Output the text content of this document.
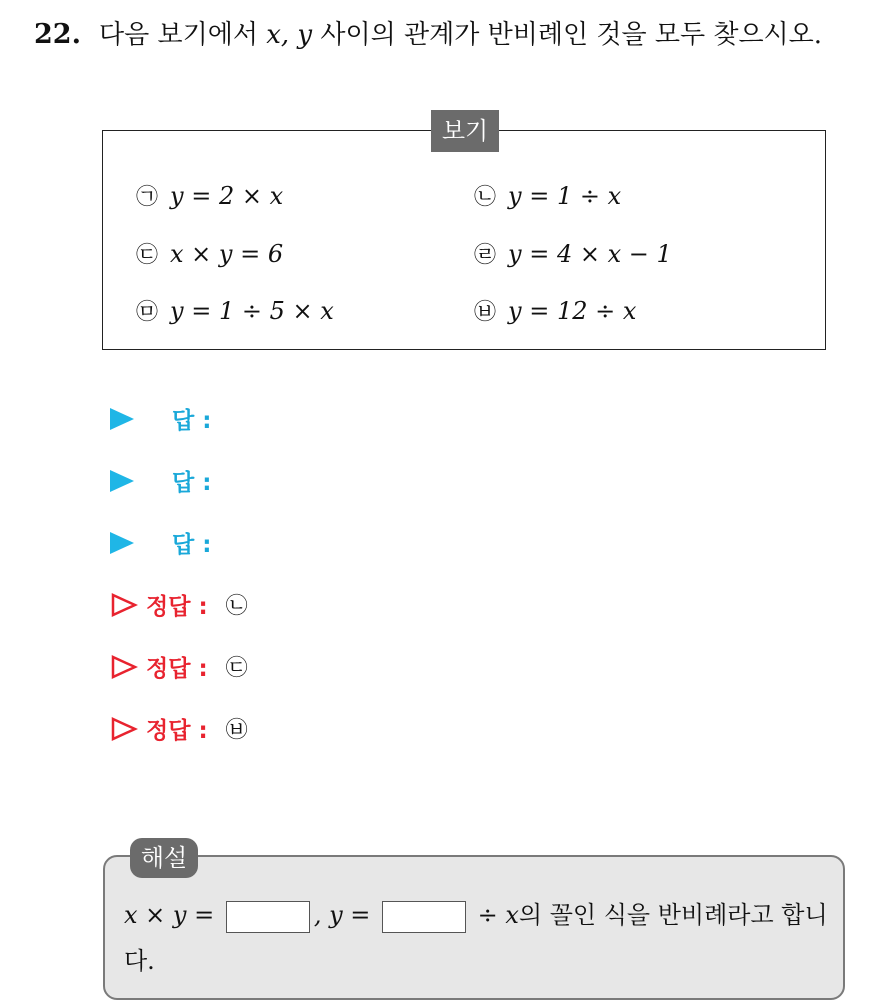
22. 다음 보기에서 x, y 사이의 관계가 반비례인 것을 모두 찾으시오.
보기
㉠ y = 2 × x	㉡ y = 1 ÷ x
㉢ x × y = 6	㉣ y = 4 × x − 1
㉤ y = 1 ÷ 5 × x	㉥ y = 12 ÷ x
답 :
답 :
답 :
정답 : ㉡
정답 : ㉢
정답 : ㉥
해설
x × y =	, y =	÷ x의 꼴인 식을 반비례라고 합니다.
